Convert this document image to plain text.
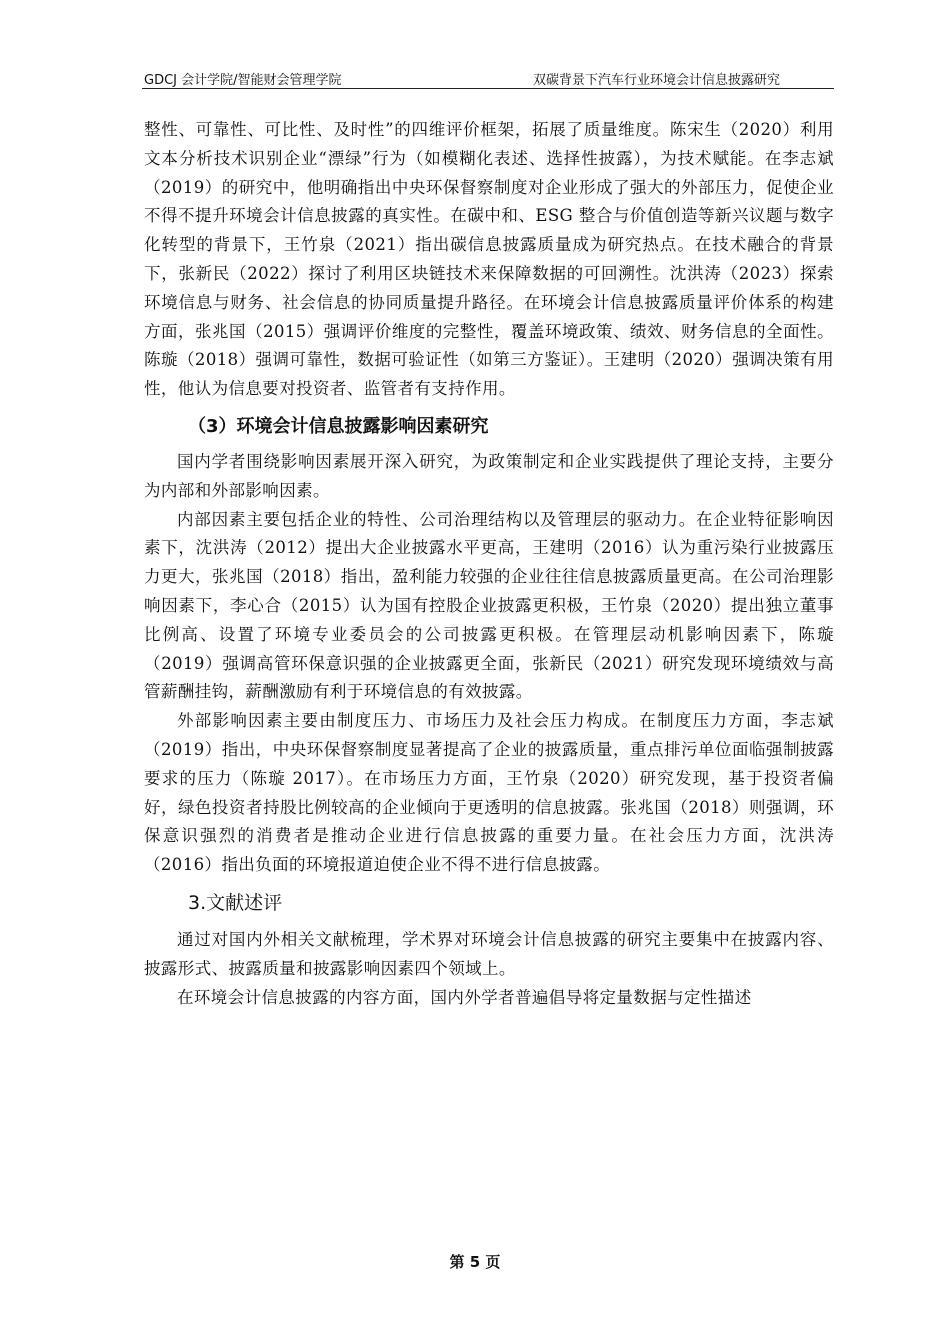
GDCJ 会计学院/智能财会管理学院	双碳背景下汽车行业环境会计信息披露研究

整性、可靠性、可比性、及时性”的四维评价框架，拓展了质量维度。陈宋生（2020）利用文本分析技术识别企业“漂绿”行为（如模糊化表述、选择性披露），为技术赋能。在李志斌（2019）的研究中，他明确指出中央环保督察制度对企业形成了强大的外部压力，促使企业不得不提升环境会计信息披露的真实性。在碳中和、ESG 整合与价值创造等新兴议题与数字化转型的背景下，王竹泉（2021）指出碳信息披露质量成为研究热点。在技术融合的背景下，张新民（2022）探讨了利用区块链技术来保障数据的可回溯性。沈洪涛（2023）探索环境信息与财务、社会信息的协同质量提升路径。在环境会计信息披露质量评价体系的构建方面，张兆国（2015）强调评价维度的完整性，覆盖环境政策、绩效、财务信息的全面性。陈璇（2018）强调可靠性，数据可验证性（如第三方鉴证）。王建明（2020）强调决策有用性，他认为信息要对投资者、监管者有支持作用。

（3）环境会计信息披露影响因素研究

国内学者围绕影响因素展开深入研究，为政策制定和企业实践提供了理论支持，主要分为内部和外部影响因素。

内部因素主要包括企业的特性、公司治理结构以及管理层的驱动力。在企业特征影响因素下，沈洪涛（2012）提出大企业披露水平更高，王建明（2016）认为重污染行业披露压力更大，张兆国（2018）指出，盈利能力较强的企业往往信息披露质量更高。在公司治理影响因素下，李心合（2015）认为国有控股企业披露更积极，王竹泉（2020）提出独立董事比例高、设置了环境专业委员会的公司披露更积极。在管理层动机影响因素下，陈璇（2019）强调高管环保意识强的企业披露更全面，张新民（2021）研究发现环境绩效与高管薪酬挂钩，薪酬激励有利于环境信息的有效披露。

外部影响因素主要由制度压力、市场压力及社会压力构成。在制度压力方面，李志斌（2019）指出，中央环保督察制度显著提高了企业的披露质量，重点排污单位面临强制披露要求的压力（陈璇 2017）。在市场压力方面，王竹泉（2020）研究发现，基于投资者偏好，绿色投资者持股比例较高的企业倾向于更透明的信息披露。张兆国（2018）则强调，环保意识强烈的消费者是推动企业进行信息披露的重要力量。在社会压力方面，沈洪涛（2016）指出负面的环境报道迫使企业不得不进行信息披露。

3.文献述评

通过对国内外相关文献梳理，学术界对环境会计信息披露的研究主要集中在披露内容、披露形式、披露质量和披露影响因素四个领域上。

在环境会计信息披露的内容方面，国内外学者普遍倡导将定量数据与定性描述

第 5 页
